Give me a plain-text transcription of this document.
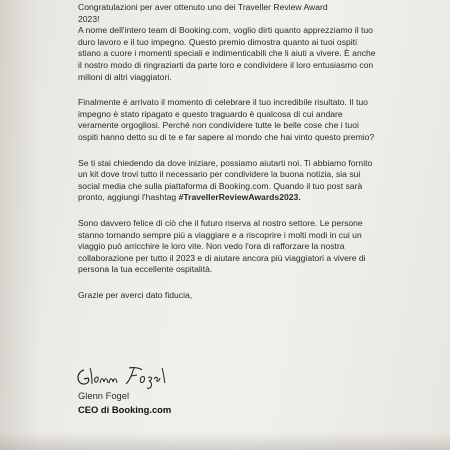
Congratulazioni per aver ottenuto uno dei Traveller Review Award

2023!

A nome dell'intero team di Booking.com, voglio dirti quanto apprezziamo il tuo duro lavoro e il tuo impegno. Questo premio dimostra quanto ai tuoi ospiti stiano a cuore i momenti speciali e indimenticabili che li aiuti a vivere. È anche il nostro modo di ringraziarti da parte loro e condividere il loro entusiasmo con milioni di altri viaggiatori.

Finalmente è arrivato il momento di celebrare il tuo incredibile risultato. Il tuo impegno è stato ripagato e questo traguardo è qualcosa di cui andare veramente orgogliosi. Perché non condividere tutte le belle cose che i tuoi ospiti hanno detto su di te e far sapere al mondo che hai vinto questo premio?

Se ti stai chiedendo da dove iniziare, possiamo aiutarti noi. Ti abbiamo fornito un kit dove trovi tutto il necessario per condividere la buona notizia, sia sui social media che sulla piattaforma di Booking.com. Quando il tuo post sarà pronto, aggiungi l'hashtag #TravellerReviewAwards2023.

Sono davvero felice di ciò che il futuro riserva al nostro settore. Le persone stanno tornando sempre più a viaggiare e a riscoprire i molti modi in cui un viaggio può arricchire le loro vite. Non vedo l'ora di rafforzare la nostra collaborazione per tutto il 2023 e di aiutare ancora più viaggiatori a vivere di persona la tua eccellente ospitalità.

Grazie per averci dato fiducia,

Glenn Fogel
CEO di Booking.com
